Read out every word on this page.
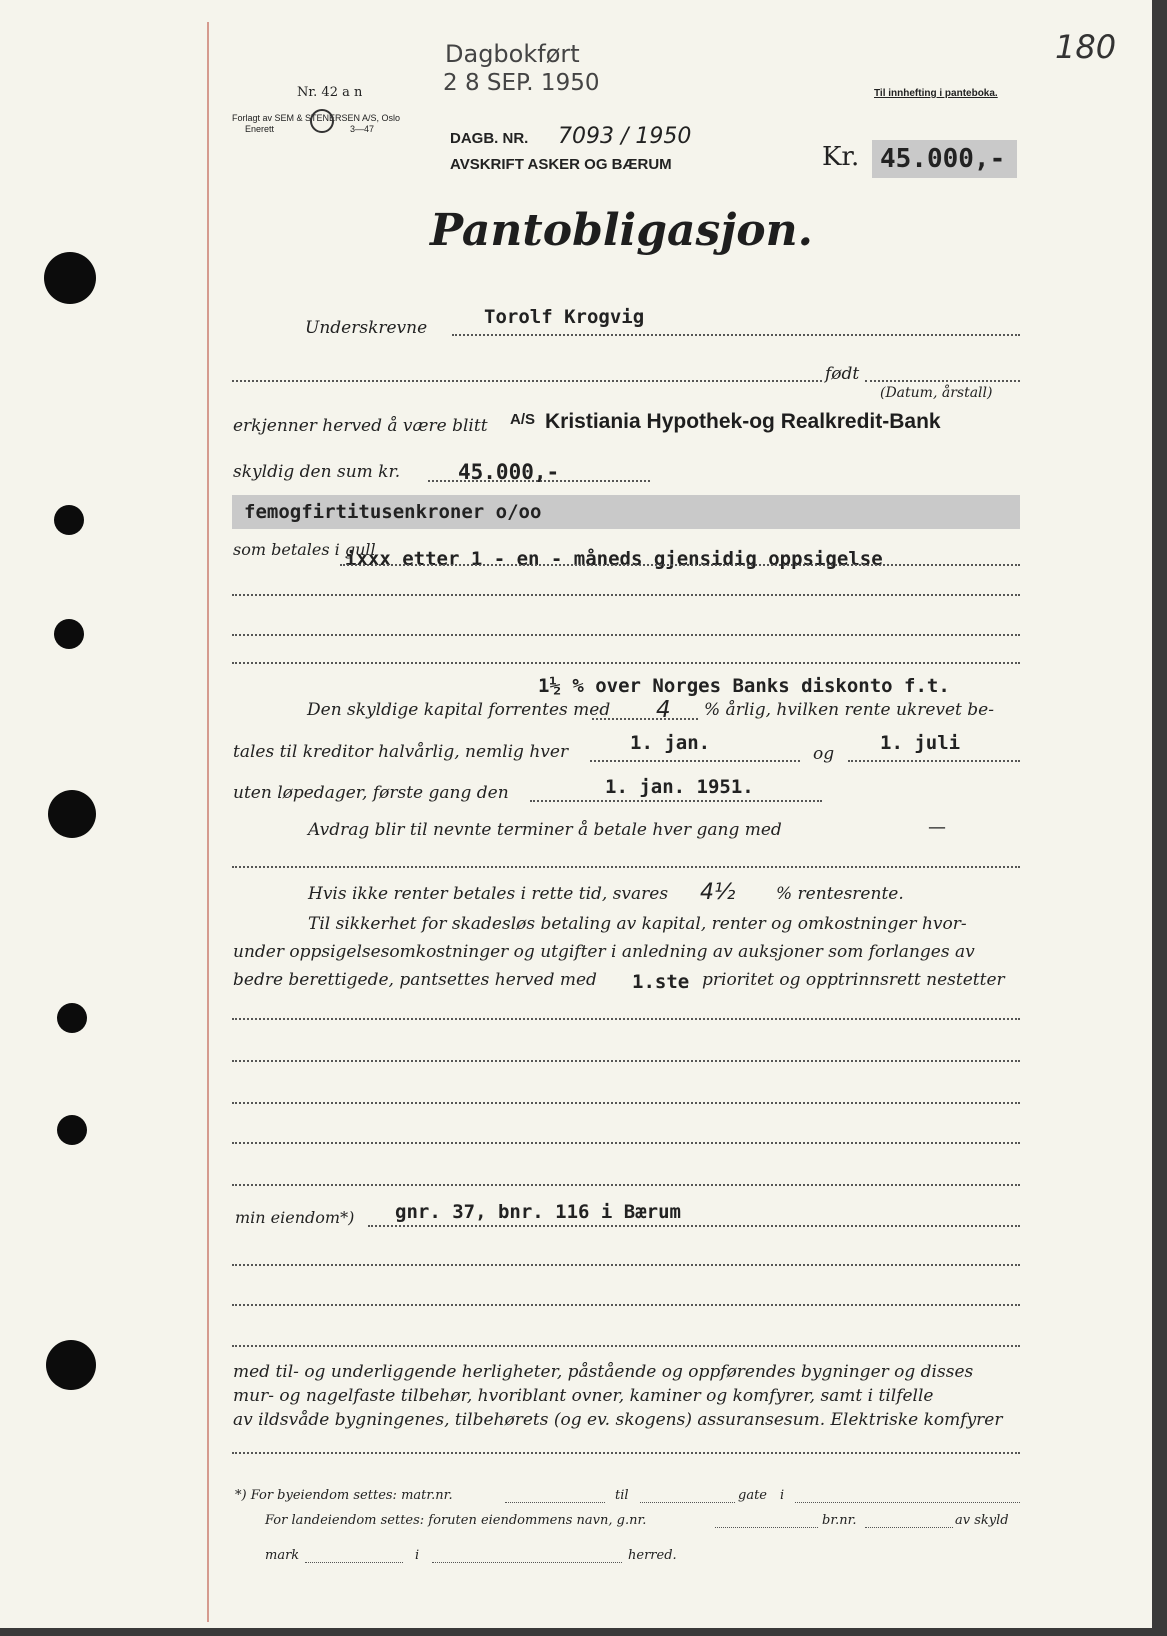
180
Dagbokført
2 8 SEP. 1950
Nr. 42 a n
Forlagt av SEM & STENERSEN A/S, Oslo
Enerett	3—47
Til innhefting i panteboka.
DAGB. NR. 7093 / 1950
AVSKRIFT ASKER OG BÆRUM	Kr. 45.000,-
Pantobligasjon.
Underskrevne	Torolf Krogvig
født
(Datum, årstall)
erkjenner herved å være blitt A/S Kristiania Hypothek-og Realkredit-Bank
skyldig den sum kr.	45.000,-
femogfirtitusenkroner o/oo
som betales i gull
ixxx etter 1 - en - måneds gjensidig oppsigelse
1½ % over Norges Banks diskonto f.t.
Den skyldige kapital forrentes med 4 % årlig, hvilken rente ukrevet be-
tales til kreditor halvårlig, nemlig hver	1. jan.	og 1. juli
uten løpedager, første gang den	1. jan. 1951.
Avdrag blir til nevnte terminer å betale hver gang med	—
Hvis ikke renter betales i rette tid, svares 4½ % rentesrente.
Til sikkerhet for skadesløs betaling av kapital, renter og omkostninger hvor-
under oppsigelsesomkostninger og utgifter i anledning av auksjoner som forlanges av
bedre berettigede, pantsettes herved med 1.ste prioritet og opptrinnsrett nestetter
min eiendom*) gnr. 37, bnr. 116 i Bærum
med til- og underliggende herligheter, påstående og oppførendes bygninger og disses
mur- og nagelfaste tilbehør, hvoriblant ovner, kaminer og komfyrer, samt i tilfelle
av ildsvåde bygningenes, tilbehørets (og ev. skogens) assuransesum. Elektriske komfyrer
*) For byeiendom settes: matr.nr.	til	gate i
For landeiendom settes: foruten eiendommens navn, g.nr.	br.nr.	av skyld
mark	i	herred.
